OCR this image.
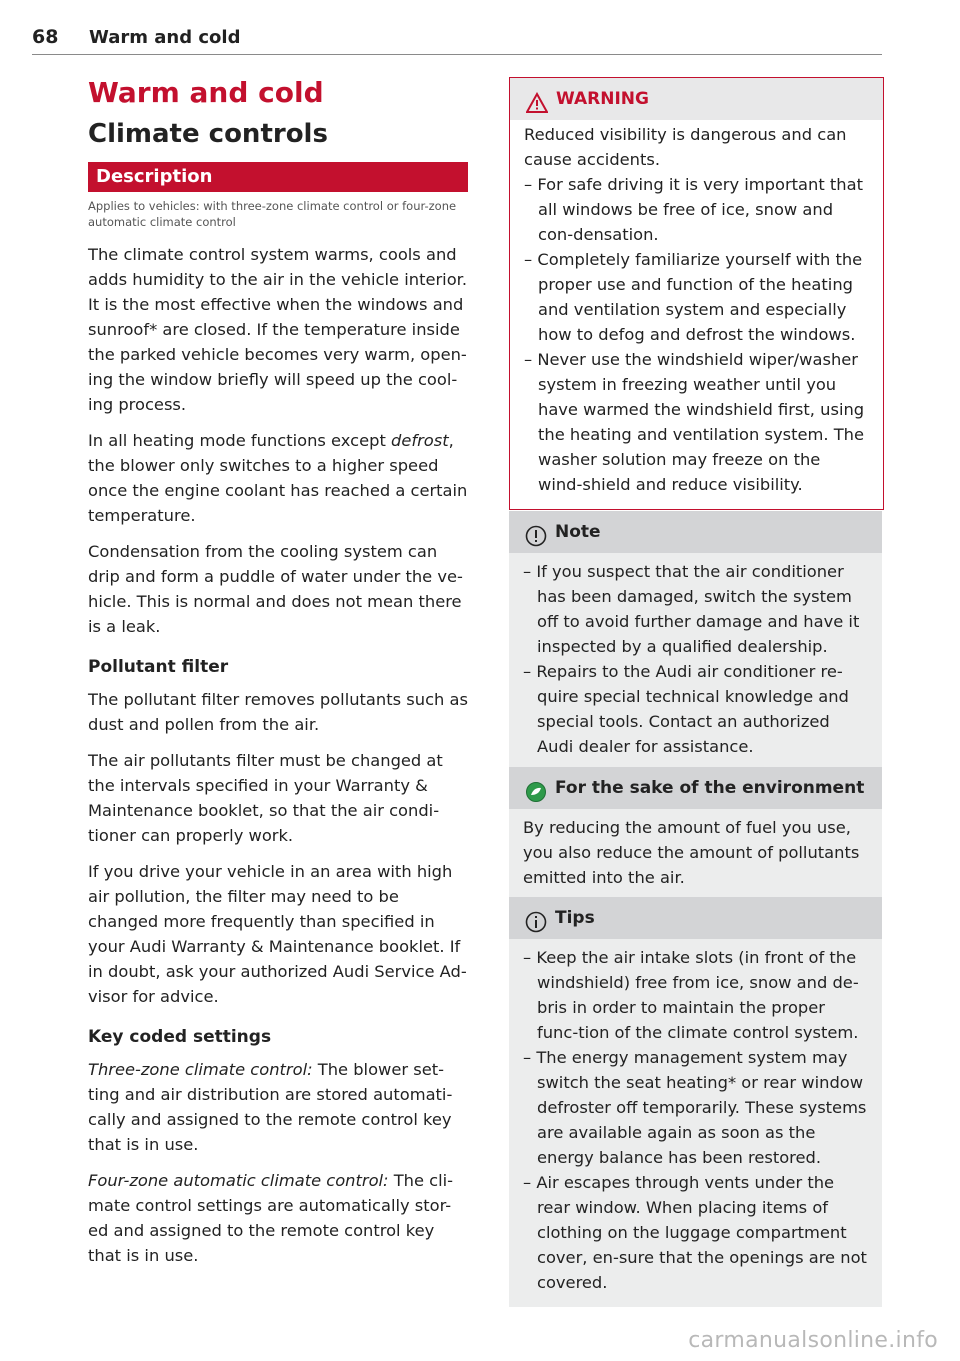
68 Warm and cold
Warm and cold
Climate controls
Description
Applies to vehicles: with three-zone climate control or four-zone automatic climate control

The climate control system warms, cools and adds humidity to the air in the vehicle interior. It is the most effective when the windows and sunroof* are closed. If the temperature inside the parked vehicle becomes very warm, open-ing the window briefly will speed up the cool-ing process.

In all heating mode functions except defrost, the blower only switches to a higher speed once the engine coolant has reached a certain temperature.

Condensation from the cooling system can drip and form a puddle of water under the ve-hicle. This is normal and does not mean there is a leak.

Pollutant filter

The pollutant filter removes pollutants such as dust and pollen from the air.

The air pollutants filter must be changed at the intervals specified in your Warranty & Maintenance booklet, so that the air condi-tioner can properly work.

If you drive your vehicle in an area with high air pollution, the filter may need to be changed more frequently than specified in your Audi Warranty & Maintenance booklet. If in doubt, ask your authorized Audi Service Ad-visor for advice.

Key coded settings

Three-zone climate control: The blower set-ting and air distribution are stored automati-cally and assigned to the remote control key that is in use.

Four-zone automatic climate control: The cli-mate control settings are automatically stor-ed and assigned to the remote control key that is in use.

WARNING

Reduced visibility is dangerous and can cause accidents.

– For safe driving it is very important that all windows be free of ice, snow and con-densation.
– Completely familiarize yourself with the proper use and function of the heating and ventilation system and especially how to defog and defrost the windows.
– Never use the windshield wiper/washer system in freezing weather until you have warmed the windshield first, using the heating and ventilation system. The washer solution may freeze on the wind-shield and reduce visibility.
Note
– If you suspect that the air conditioner has been damaged, switch the system off to avoid further damage and have it inspected by a qualified dealership.
– Repairs to the Audi air conditioner re-quire special technical knowledge and special tools. Contact an authorized Audi dealer for assistance.
For the sake of the environment

By reducing the amount of fuel you use, you also reduce the amount of pollutants emitted into the air.

Tips
– Keep the air intake slots (in front of the windshield) free from ice, snow and de-bris in order to maintain the proper func-tion of the climate control system.
– The energy management system may switch the seat heating* or rear window defroster off temporarily. These systems are available again as soon as the energy balance has been restored.
– Air escapes through vents under the rear window. When placing items of clothing on the luggage compartment cover, en-sure that the openings are not covered.
carmanualsonline.info
